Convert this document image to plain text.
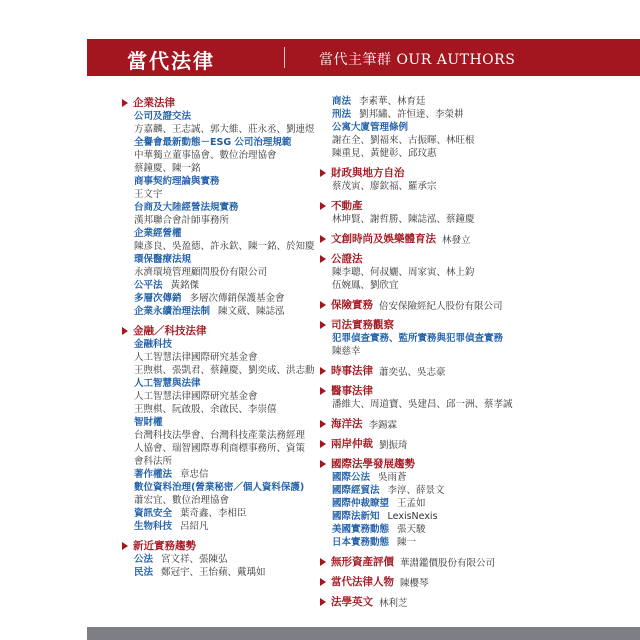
當代法律	當代主筆群 OUR AUTHORS
企業法律
公司及證交法
方嘉麟、王志誠、郭大維、莊永丞、劉連煜
全譽會最新動態－ESG 公司治理規範
中華獨立董事協會、數位治理協會
蔡鐘慶、陳一銘
商事契約理論與實務
王文宇
台商及大陸經營法規實務
漢邦聯合會計師事務所
企業經營權
陳彥良、吳盈德、許永欽、陳一銘、於知慶
環保醫療法規
永濟環境管理顧問股份有限公司
公平法 黃銘傑
多層次傳銷 多層次傳銷保護基金會
企業永續治理法制 陳文葳、陳誌泓
金融／科技法律
金融科技
人工智慧法律國際研究基金會
王煦棋、張凱君、蔡鐘慶、劉奕成、洪志勳
人工智慧與法律
人工智慧法律國際研究基金會
王煦棋、阮啟殷、余啟民、李崇僖
智財權
台灣科技法學會、台灣科技產業法務經理
人協會、瑞智國際專利商標事務所、資策
會科法所
著作權法 章忠信
數位資料治理(營業秘密／個人資料保護)
蕭宏宜、數位治理協會
資訊安全 葉奇鑫、李相臣
生物科技 呂紹凡
新近實務趨勢
公法 宮文祥、張陳弘
民法 鄭冠宇、王怡蘋、戴瑀如
商法 李素華、林育廷
刑法 劉邦繡、許恒達、李榮耕
公寓大廈管理條例
謝在全、劉福來、古振暉、林旺根
陳重見、黃健彰、邱玟惠
財政與地方自治
蔡茂寅、廖欽福、羅承宗
不動產
林坤賢、謝哲勝、陳誌泓、蔡鐘慶
文創時尚及娛樂體育法 林發立
公證法
陳李聰、何叔孋、周家寅、林上鈞
伍婉鳳、劉欣宜
保險實務 倍安保險經紀人股份有限公司
司法實務觀察
犯罪偵查實務、監所實務與犯罪偵查實務
陳慈幸
時事法律 蕭奕弘、吳志豪
醫事法律
潘維大、周道寶、吳建昌、邱一洲、蔡孝誠
海洋法 李錫霖
兩岸仲裁 劉振琦
國際法學發展趨勢
國際公法 吳雨蒼
國際經貿法 李淳、薛景文
國際仲裁瞭望 王孟如
國際法新知 LexisNexis
美國實務動態 張天駿
日本實務動態 陳一
無形資產評價 華淵鑑價股份有限公司
當代法律人物 陳櫻琴
法學英文 林利芝
